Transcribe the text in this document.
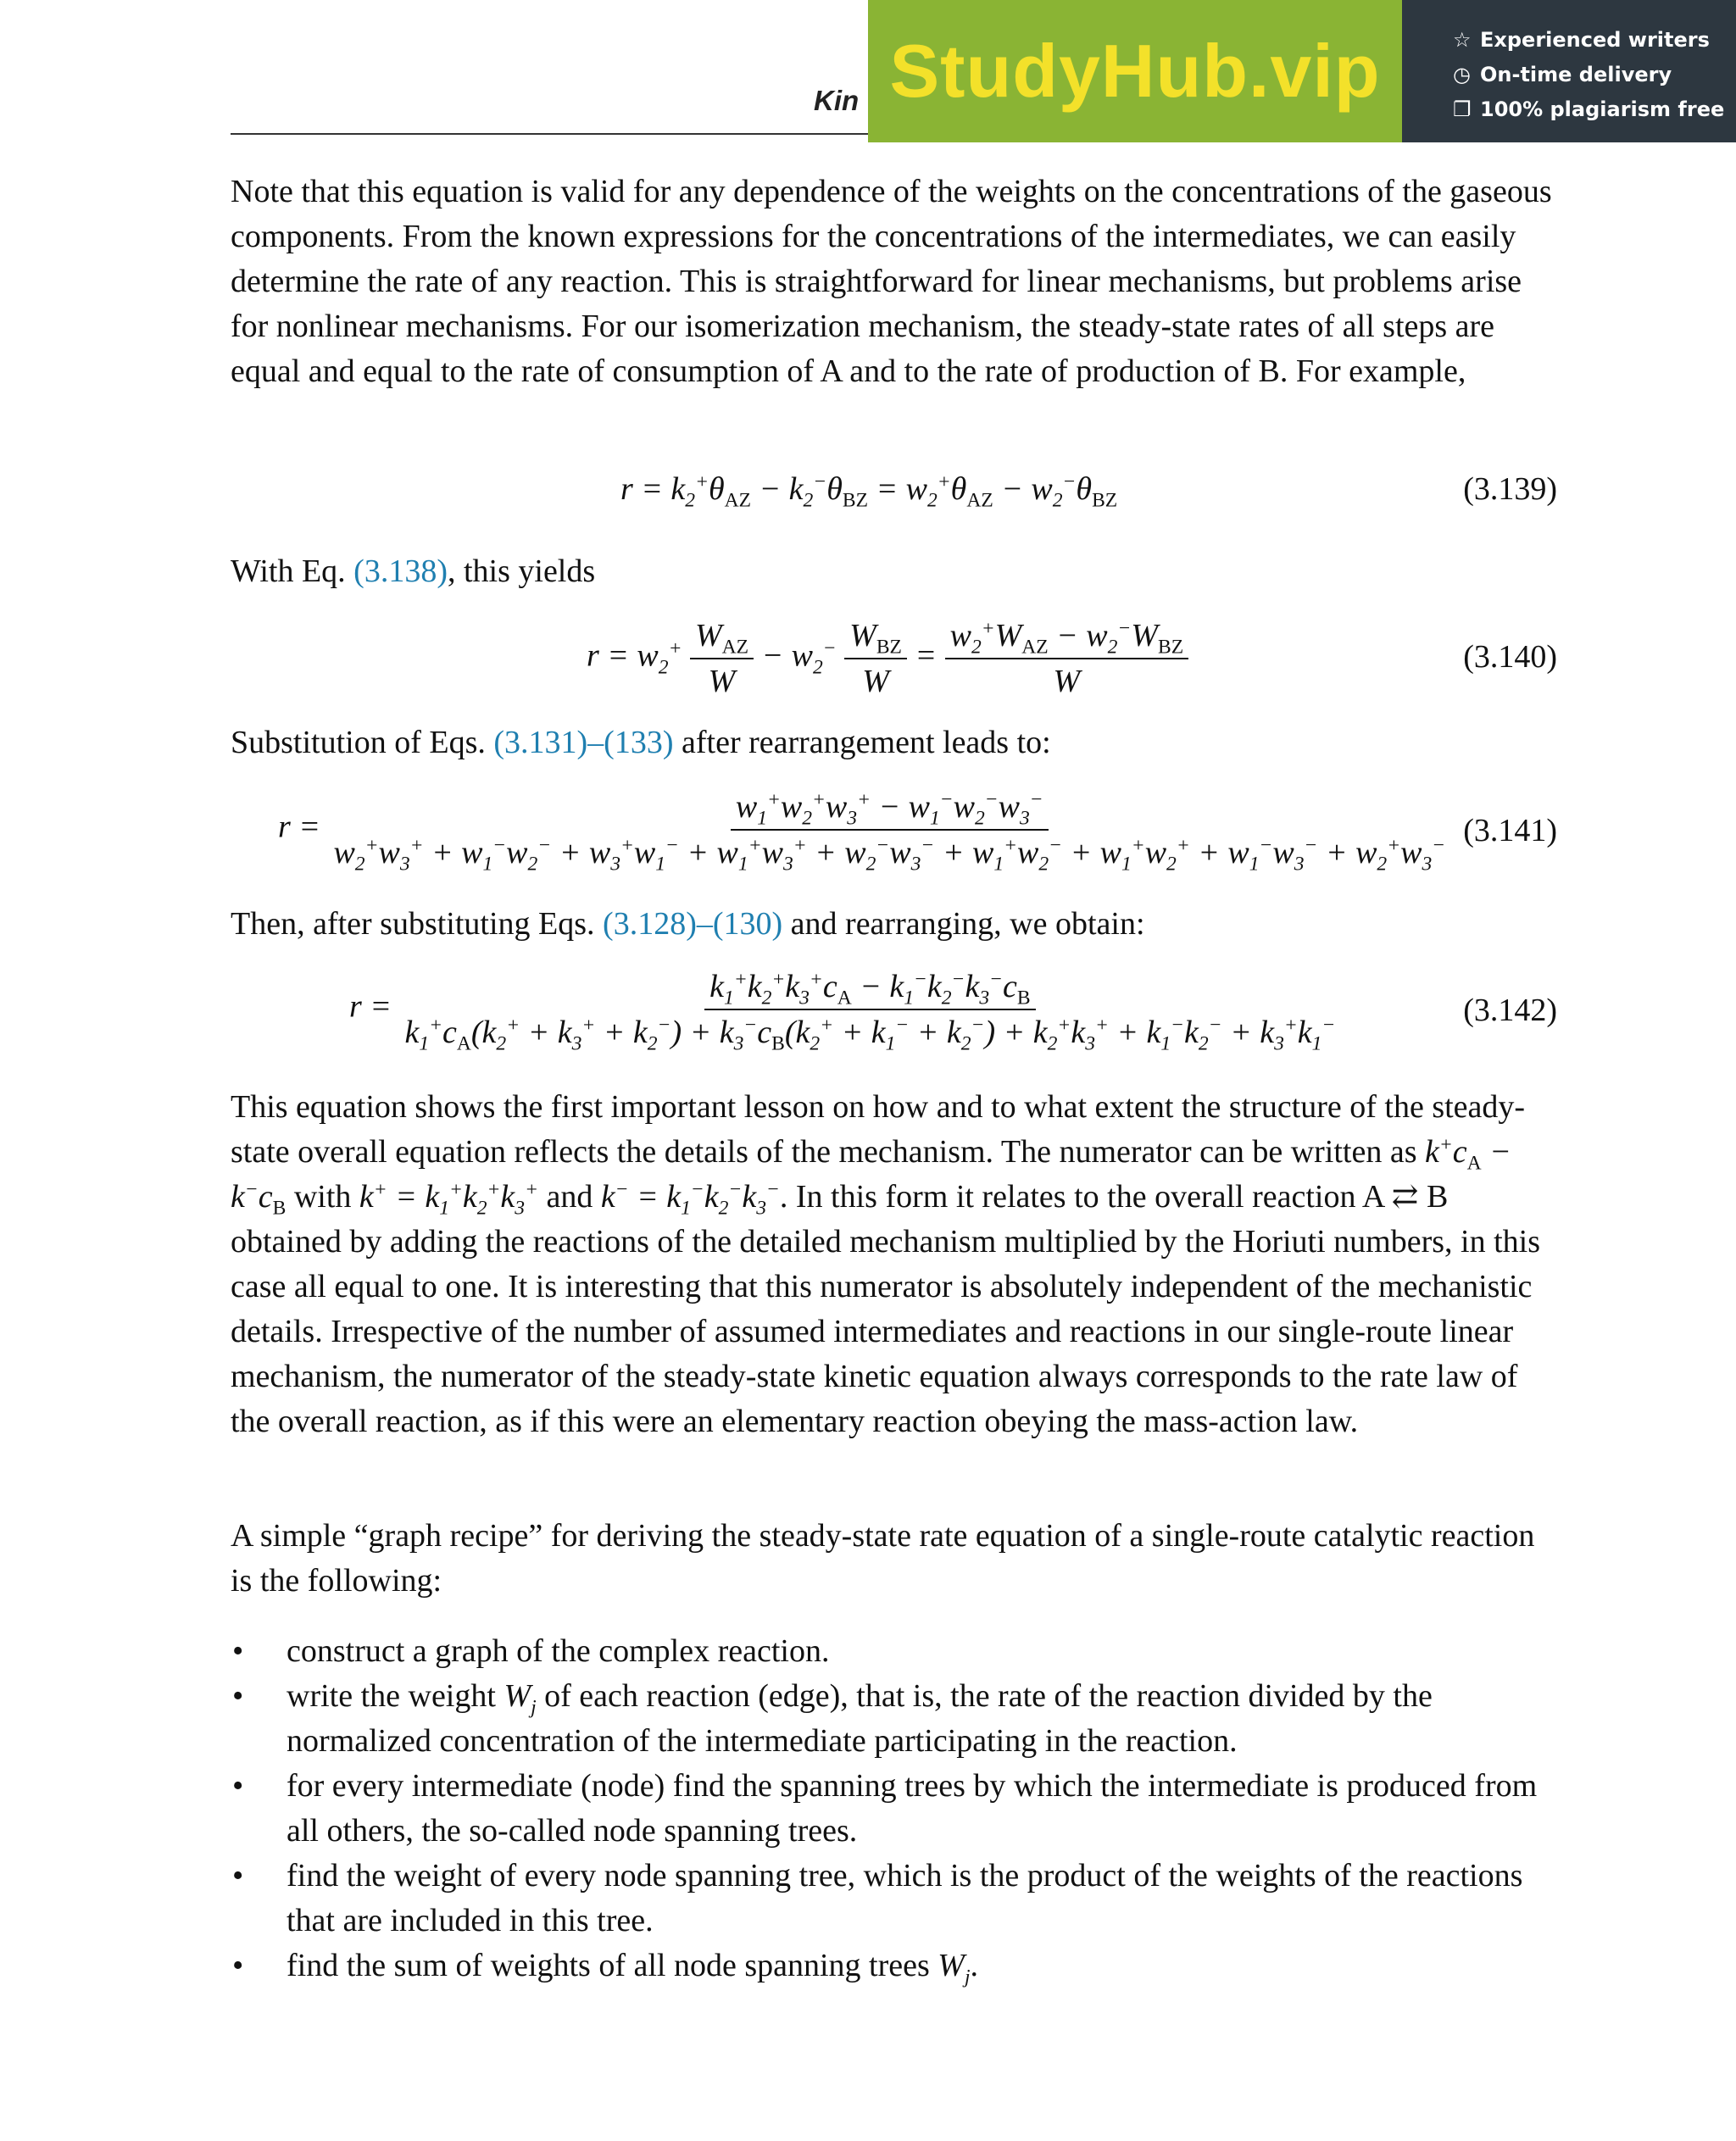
Kin StudyHub.vip	☆ Experienced writers
◷ On-time delivery
❐ 100% plagiarism free

Note that this equation is valid for any dependence of the weights on the concentrations of the gaseous components. From the known expressions for the concentrations of the intermediates, we can easily determine the rate of any reaction. This is straightforward for linear mechanisms, but problems arise for nonlinear mechanisms. For our isomerization mechanism, the steady-state rates of all steps are equal and equal to the rate of consumption of A and to the rate of production of B. For example,

$r = k_2^+\theta_{AZ} - k_2^-\theta_{BZ} = w_2^+\theta_{AZ} - w_2^-\theta_{BZ}$	(3.139)

With Eq. (3.138), this yields

$r = w_2^+ \frac{W_{AZ}}{W} - w_2^- \frac{W_{BZ}}{W} = \frac{w_2^+W_{AZ} - w_2^-W_{BZ}}{W}$	(3.140)

Substitution of Eqs. (3.131)–(133) after rearrangement leads to:

r =
$w_1^+w_2^+w_3^+ - w_1^-w_2^-w_3^-$
$w_2^+w_3^+ + w_1^-w_2^- + w_3^+w_1^- + w_1^+w_3^+ + w_2^-w_3^- + w_1^+w_2^- + w_1^+w_2^+ + w_1^-w_3^- + w_2^+w_3^-$ (3.141)

Then, after substituting Eqs. (3.128)–(130) and rearranging, we obtain:

r =
$k_1^+k_2^+k_3^+c_A - k_1^-k_2^-k_3^-c_B$
$k_1^+c_A(k_2^+ + k_3^+ + k_2^-) + k_3^-c_B(k_2^+ + k_1^- + k_2^-) + k_2^+k_3^+ + k_1^-k_2^- + k_3^+k_1^-$	(3.142)

This equation shows the first important lesson on how and to what extent the structure of the steady-state overall equation reflects the details of the mechanism. The numerator can be written as $k^+c_A - k^-c_B$ with $k^+ = k_1^+k_2^+k_3^+$ and $k^- = k_1^-k_2^-k_3^-$. In this form it relates to the overall reaction A ⇄ B obtained by adding the reactions of the detailed mechanism multiplied by the Horiuti numbers, in this case all equal to one. It is interesting that this numerator is absolutely independent of the mechanistic details. Irrespective of the number of assumed intermediates and reactions in our single-route linear mechanism, the numerator of the steady-state kinetic equation always corresponds to the rate law of the overall reaction, as if this were an elementary reaction obeying the mass-action law.

A simple “graph recipe” for deriving the steady-state rate equation of a single-route catalytic reaction is the following:

•	construct a graph of the complex reaction.
•	write the weight $W_j$ of each reaction (edge), that is, the rate of the reaction divided by the normalized concentration of the intermediate participating in the reaction.
•	for every intermediate (node) find the spanning trees by which the intermediate is produced from all others, the so-called node spanning trees.
•	find the weight of every node spanning tree, which is the product of the weights of the reactions that are included in this tree.
•	find the sum of weights of all node spanning trees $W_j$.
